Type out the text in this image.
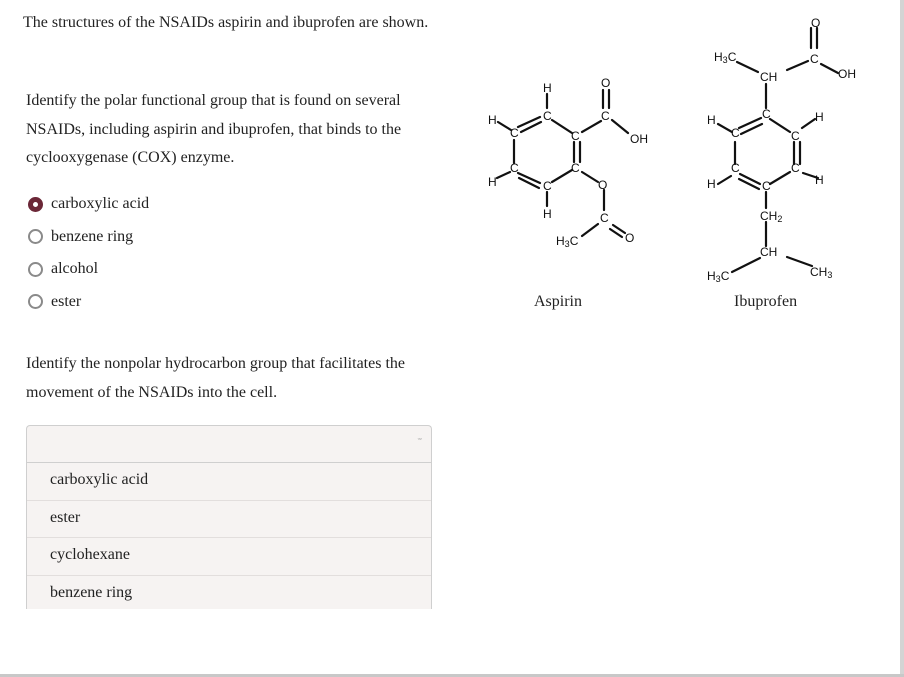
The structures of the NSAIDs aspirin and ibuprofen are shown.
Identify the polar functional group that is found on several NSAIDs, including aspirin and ibuprofen, that binds to the cyclooxygenase (COX) enzyme.
carboxylic acid
benzene ring
alcohol
ester
Identify the nonpolar hydrocarbon group that facilitates the movement of the NSAIDs into the cell.
ˇˇ
carboxylic acid
ester
cyclohexane
benzene ring
H
C
H
C
C
H	C
H
C
C
O
C
OH
O
C
O
H3C
Aspirin
O
H3C
CH
C
OH
C
H	H
C	C
C	C
H	H
C
CH2
CH
H3C	CH3
Ibuprofen
